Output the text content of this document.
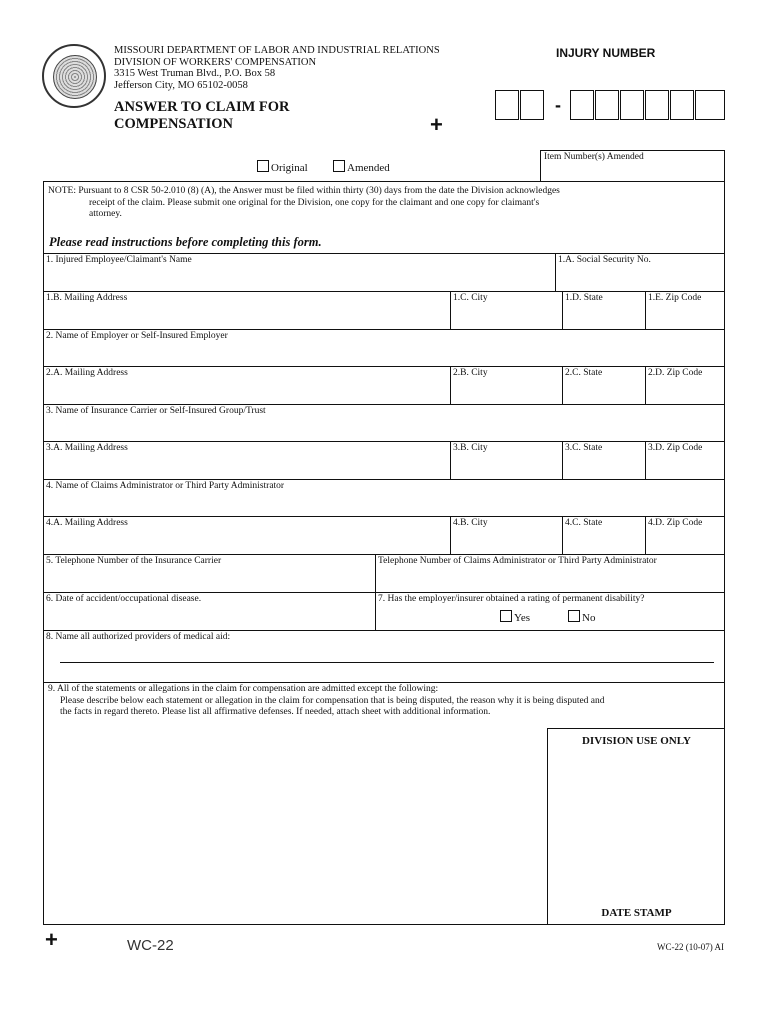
MISSOURI DEPARTMENT OF LABOR AND INDUSTRIAL RELATIONS
DIVISION OF WORKERS' COMPENSATION
3315 West Truman Blvd., P.O. Box 58
Jefferson City, MO 65102-0058
ANSWER TO CLAIM FOR
COMPENSATION	+
INJURY NUMBER
-
Original	Amended
Item Number(s) Amended
NOTE: Pursuant to 8 CSR 50-2.010 (8) (A), the Answer must be filed within thirty (30) days from the date the Division acknowledges
receipt of the claim. Please submit one original for the Division, one copy for the claimant and one copy for claimant's
attorney.
Please read instructions before completing this form.
1. Injured Employee/Claimant's Name	1.A. Social Security No.
1.B. Mailing Address	1.C. City	1.D. State	1.E. Zip Code
2. Name of Employer or Self-Insured Employer
2.A. Mailing Address	2.B. City	2.C. State	2.D. Zip Code
3. Name of Insurance Carrier or Self-Insured Group/Trust
3.A. Mailing Address	3.B. City	3.C. State	3.D. Zip Code
4. Name of Claims Administrator or Third Party Administrator
4.A. Mailing Address	4.B. City	4.C. State	4.D. Zip Code
5. Telephone Number of the Insurance Carrier	Telephone Number of Claims Administrator or Third Party Administrator
6. Date of accident/occupational disease.	7. Has the employer/insurer obtained a rating of permanent disability?
Yes	No
8. Name all authorized providers of medical aid:
9. All of the statements or allegations in the claim for compensation are admitted except the following:
Please describe below each statement or allegation in the claim for compensation that is being disputed, the reason why it is being disputed and
the facts in regard thereto. Please list all affirmative defenses. If needed, attach sheet with additional information.
DIVISION USE ONLY
DATE STAMP
+	WC-22	WC-22 (10-07) AI
